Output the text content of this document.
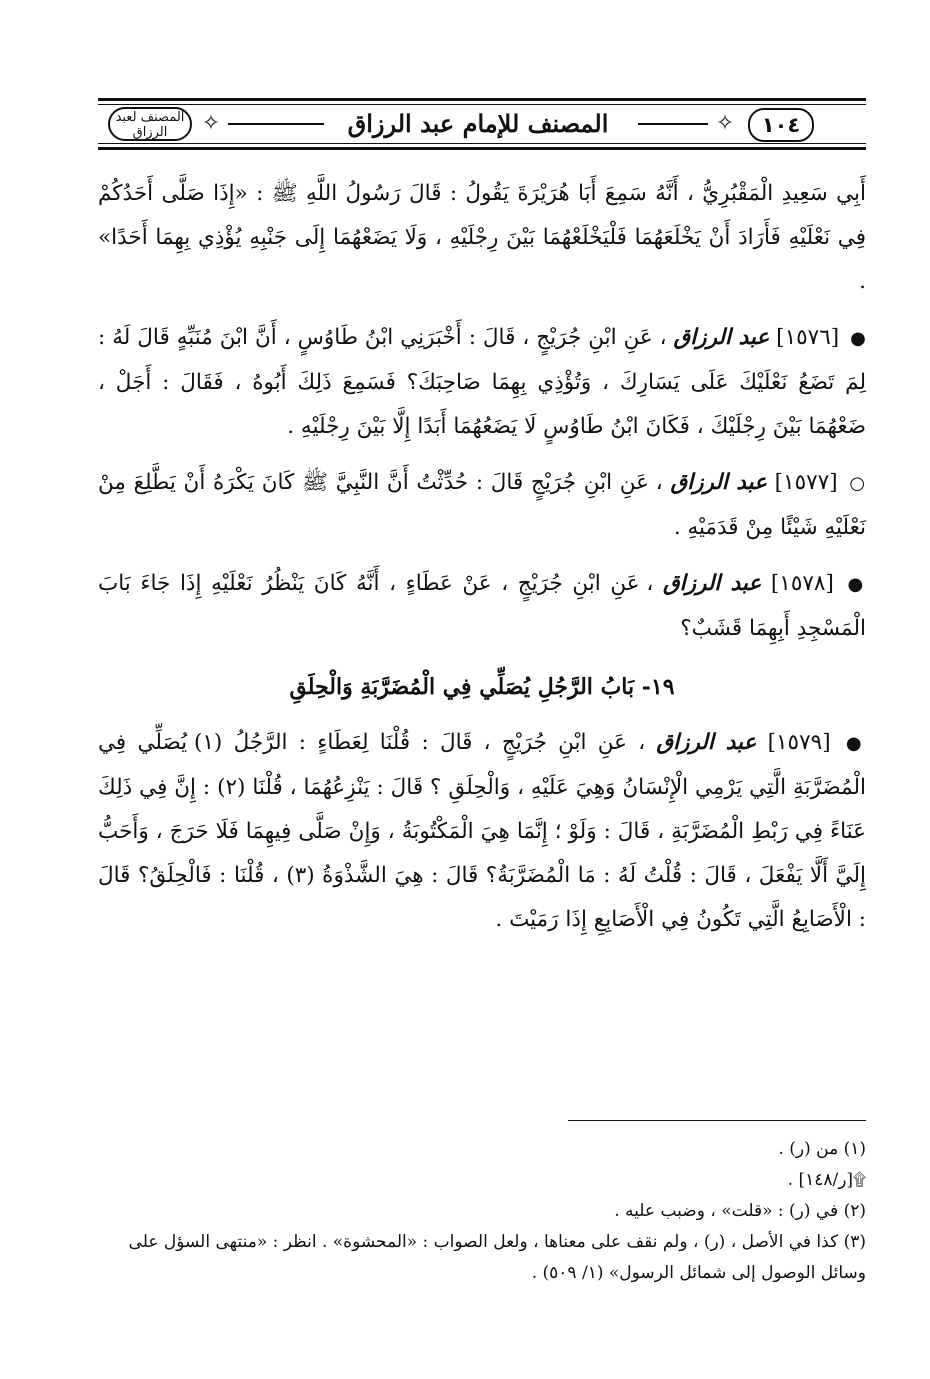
١٠٤
✧
المصنف للإمام عبد الرزاق
✧
المصنف لعبد الرزاق

أَبِي سَعِيدِ الْمَقْبُرِيُّ ، أَنَّهُ سَمِعَ أَبَا هُرَيْرَةَ يَقُولُ : قَالَ رَسُولُ اللَّهِ ﷺ : «إِذَا صَلَّى أَحَدُكُمْ فِي نَعْلَيْهِ فَأَرَادَ أَنْ يَخْلَعَهُمَا فَلْيَخْلَعْهُمَا بَيْنَ رِجْلَيْهِ ، وَلَا يَضَعْهُمَا إِلَى جَنْبِهِ يُؤْذِي بِهِمَا أَحَدًا» .

● [١٥٧٦] عبد الرزاق ، عَنِ ابْنِ جُرَيْجٍ ، قَالَ : أَخْبَرَنِي ابْنُ طَاوُسٍ ، أَنَّ ابْنَ مُنَبِّهٍ قَالَ لَهُ : لِمَ تَضَعُ نَعْلَيْكَ عَلَى يَسَارِكَ ، وَتُؤْذِي بِهِمَا صَاحِبَكَ؟ فَسَمِعَ ذَلِكَ أَبُوهُ ، فَقَالَ : أَجَلْ ، ضَعْهُمَا بَيْنَ رِجْلَيْكَ ، فَكَانَ ابْنُ طَاوُسٍ لَا يَضَعُهُمَا أَبَدًا إِلَّا بَيْنَ رِجْلَيْهِ .

○ [١٥٧٧] عبد الرزاق ، عَنِ ابْنِ جُرَيْجٍ قَالَ : حُدِّثْتُ أَنَّ النَّبِيَّ ﷺ كَانَ يَكْرَهُ أَنْ يَطَّلِعَ مِنْ نَعْلَيْهِ شَيْئًا مِنْ قَدَمَيْهِ .

● [١٥٧٨] عبد الرزاق ، عَنِ ابْنِ جُرَيْجٍ ، عَنْ عَطَاءٍ ، أَنَّهُ كَانَ يَنْظُرُ نَعْلَيْهِ إِذَا جَاءَ بَابَ الْمَسْجِدِ أَبِهِمَا قَشَبٌ؟

١٩- بَابُ الرَّجُلِ يُصَلِّي فِي الْمُضَرَّبَةِ وَالْحِلَقِ

● [١٥٧٩] عبد الرزاق ، عَنِ ابْنِ جُرَيْجٍ ، قَالَ : قُلْنَا لِعَطَاءٍ : الرَّجُلُ (١) يُصَلِّي فِي الْمُضَرَّبَةِ الَّتِي يَرْمِي الْإِنْسَانُ وَهِيَ عَلَيْهِ ، وَالْحِلَقِ ؟ قَالَ : يَنْزِعُهُمَا ، قُلْنَا (٢) : إِنَّ فِي ذَلِكَ عَنَاءً فِي رَبْطِ الْمُضَرَّبَةِ ، قَالَ : وَلَوْ ؛ إِنَّمَا هِيَ الْمَكْتُوبَةُ ، وَإِنْ صَلَّى فِيهِمَا فَلَا حَرَجَ ، وَأَحَبُّ إِلَيَّ أَلَّا يَفْعَلَ ، قَالَ : قُلْتُ لَهُ : مَا الْمُضَرَّبَةُ؟ قَالَ : هِيَ الشَّذْوَةُ (٣) ، قُلْنَا : فَالْحِلَقُ؟ قَالَ : الْأَصَابِعُ الَّتِي تَكُونُ فِي الْأَصَابِعِ إِذَا رَمَيْتَ .

(١) من (ر) .

۩[ر/١٤٨] .

(٢) في (ر) : «قلت» ، وضبب عليه .

(٣) كذا في الأصل ، (ر) ، ولم نقف على معناها ، ولعل الصواب : «المحشوة» . انظر : «منتهى السؤل على وسائل الوصول إلى شمائل الرسول» (١/ ٥٠٩) .
